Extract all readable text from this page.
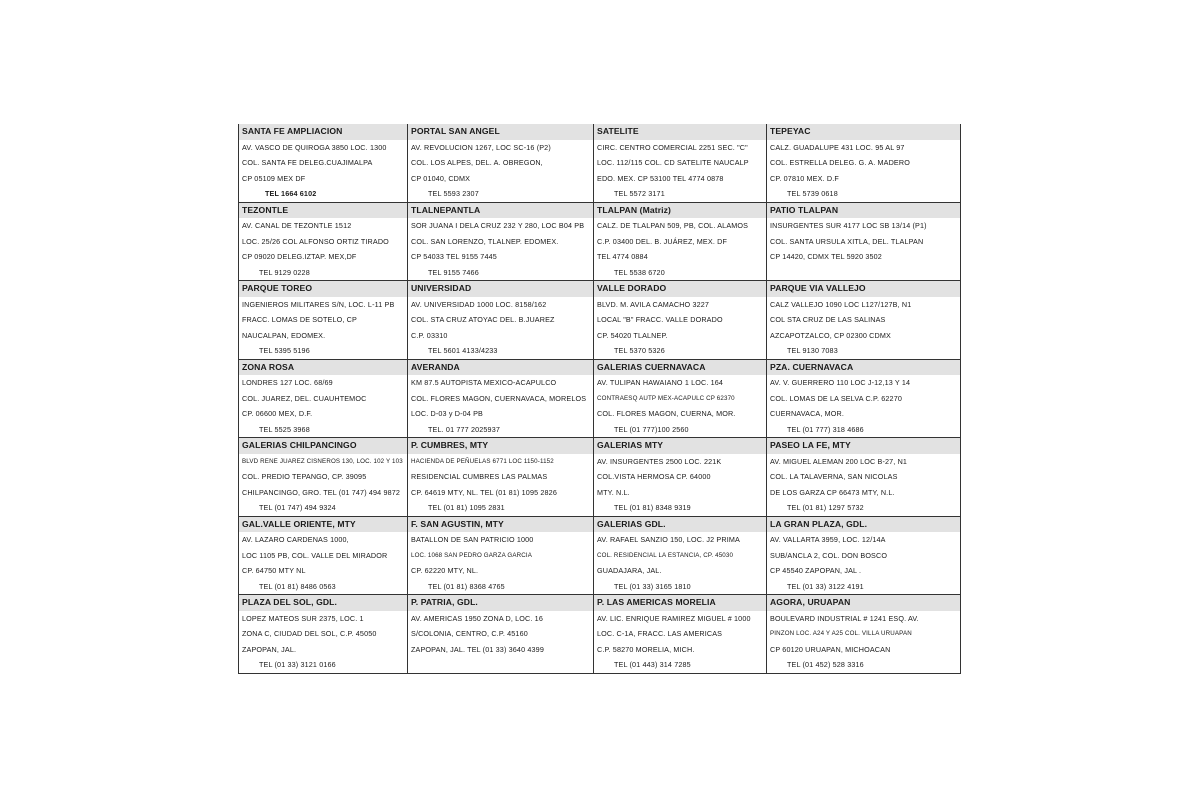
SANTA FE AMPLIACION
AV. VASCO DE QUIROGA 3850 LOC. 1300
COL. SANTA FE DELEG.CUAJIMALPA
CP 05109 MEX DF
TEL 1664 6102
PORTAL SAN ANGEL
AV. REVOLUCION 1267, LOC SC-16 (P2)
COL. LOS ALPES, DEL. A. OBREGON,
CP 01040, CDMX
TEL 5593 2307
SATELITE
CIRC. CENTRO COMERCIAL 2251 SEC. "C"
LOC. 112/115 COL. CD SATELITE NAUCALP
EDO. MEX. CP 53100 TEL 4774 0878
TEL 5572 3171
TEPEYAC
CALZ. GUADALUPE 431 LOC. 95 AL 97
COL. ESTRELLA DELEG. G. A. MADERO
CP. 07810 MEX. D.F
TEL 5739 0618
TEZONTLE
AV. CANAL DE TEZONTLE 1512
LOC. 25/26 COL ALFONSO ORTIZ TIRADO
CP 09020 DELEG.IZTAP. MEX,DF
TEL 9129 0228
TLALNEPANTLA
SOR JUANA I DELA CRUZ 232 Y 280, LOC B04 PB
COL. SAN LORENZO, TLALNEP. EDOMEX.
CP 54033 TEL 9155 7445
TEL 9155 7466
TLALPAN (Matriz)
CALZ. DE TLALPAN 509, PB, COL. ALAMOS
C.P. 03400 DEL. B. JUÁREZ, MEX. DF
TEL 4774 0884
TEL 5538 6720
PATIO TLALPAN
INSURGENTES SUR 4177 LOC SB 13/14 (P1)
COL. SANTA URSULA XITLA, DEL. TLALPAN
CP 14420, CDMX TEL 5920 3502
PARQUE TOREO
INGENIEROS MILITARES S/N, LOC. L-11 PB
FRACC. LOMAS DE SOTELO, CP
NAUCALPAN, EDOMEX.
TEL 5395 5196
UNIVERSIDAD
AV. UNIVERSIDAD 1000 LOC. 8158/162
COL. STA CRUZ ATOYAC DEL. B.JUAREZ
C.P. 03310
TEL 5601 4133/4233
VALLE DORADO
BLVD. M. AVILA CAMACHO 3227
LOCAL "B" FRACC. VALLE DORADO
CP. 54020 TLALNEP.
TEL 5370 5326
PARQUE VIA VALLEJO
CALZ VALLEJO 1090 LOC L127/127B, N1
COL STA CRUZ DE LAS SALINAS
AZCAPOTZALCO, CP 02300 CDMX
TEL 9130 7083
ZONA ROSA
LONDRES 127 LOC. 68/69
COL. JUAREZ, DEL. CUAUHTEMOC
CP. 06600 MEX, D.F.
TEL 5525 3968
AVERANDA
KM 87.5 AUTOPISTA MEXICO-ACAPULCO
COL. FLORES MAGON, CUERNAVACA, MORELOS
LOC. D-03 y D-04 PB
TEL. 01 777 2025937
GALERIAS CUERNAVACA
AV. TULIPAN HAWAIANO 1 LOC. 164
CONTRAESQ AUTP MEX-ACAPULC CP 62370
COL. FLORES MAGON, CUERNA, MOR.
TEL (01 777)100 2560
PZA. CUERNAVACA
AV. V. GUERRERO 110 LOC J-12,13 Y 14
COL. LOMAS DE LA SELVA C.P. 62270
CUERNAVACA, MOR.
TEL (01 777) 318 4686
GALERIAS CHILPANCINGO
BLVD RENE JUAREZ CISNEROS 130, LOC. 102 Y 103
COL. PREDIO TEPANGO, CP. 39095
CHILPANCINGO, GRO. TEL (01 747) 494 9872
TEL (01 747) 494 9324
P. CUMBRES, MTY
HACIENDA DE PEÑUELAS 6771 LOC 1150-1152
RESIDENCIAL CUMBRES LAS PALMAS
CP. 64619 MTY, NL. TEL (01 81) 1095 2826
TEL (01 81) 1095 2831
GALERIAS MTY
AV. INSURGENTES 2500 LOC. 221K
COL.VISTA HERMOSA CP. 64000
MTY. N.L.
TEL (01 81) 8348 9319
PASEO LA FE, MTY
AV. MIGUEL ALEMAN 200 LOC B-27, N1
COL. LA TALAVERNA, SAN NICOLAS
DE LOS GARZA CP 66473 MTY, N.L.
TEL (01 81) 1297 5732
GAL.VALLE ORIENTE, MTY
AV. LAZARO CARDENAS 1000,
LOC 1105 PB, COL. VALLE DEL MIRADOR
CP. 64750 MTY NL
TEL (01 81) 8486 0563
F. SAN AGUSTIN, MTY
BATALLON DE SAN PATRICIO 1000
LOC. 1068 SAN PEDRO GARZA GARCIA
CP. 62220 MTY, NL.
TEL (01 81) 8368 4765
GALERIAS GDL.
AV. RAFAEL SANZIO 150, LOC. J2 PRIMA
COL. RESIDENCIAL LA ESTANCIA, CP. 45030
GUADAJARA, JAL.
TEL (01 33) 3165 1810
LA GRAN PLAZA, GDL.
AV. VALLARTA 3959, LOC. 12/14A
SUB/ANCLA 2, COL. DON BOSCO
CP 45540 ZAPOPAN, JAL .
TEL (01 33) 3122 4191
PLAZA DEL SOL, GDL.
LOPEZ MATEOS SUR 2375, LOC. 1
ZONA C, CIUDAD DEL SOL, C.P. 45050
ZAPOPAN, JAL.
TEL (01 33) 3121 0166
P. PATRIA, GDL.
AV. AMERICAS 1950 ZONA D, LOC. 16
S/COLONIA, CENTRO, C.P. 45160
ZAPOPAN, JAL. TEL (01 33) 3640 4399
P. LAS AMERICAS MORELIA
AV. LIC. ENRIQUE RAMIREZ MIGUEL # 1000
LOC. C-1A, FRACC. LAS AMERICAS
C.P. 58270 MORELIA, MICH.
TEL (01 443) 314 7285
AGORA, URUAPAN
BOULEVARD INDUSTRIAL # 1241 ESQ. AV.
PINZON LOC. A24 Y A25 COL. VILLA URUAPAN
CP 60120 URUAPAN, MICHOACAN
TEL (01 452) 528 3316
